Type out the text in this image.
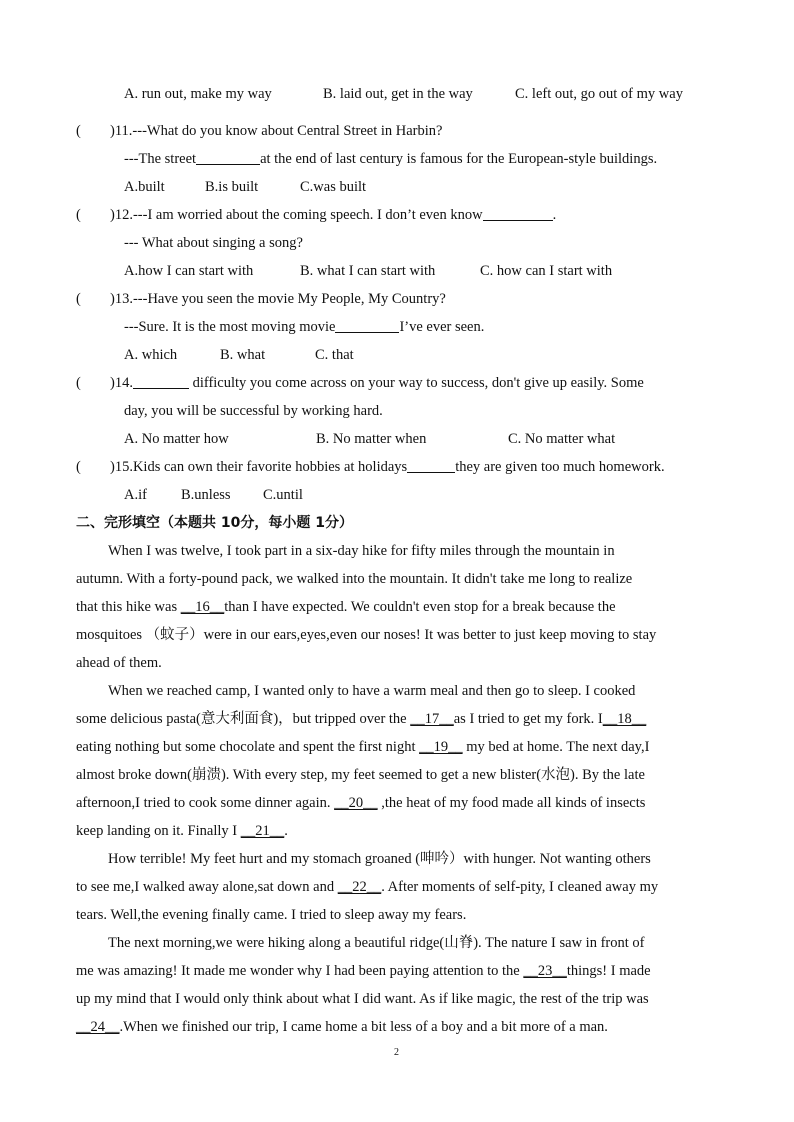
A. run out, make my way	B. laid out, get in the way	C. left out, go out of my way
( )11.---What do you know about Central Street in Harbin?
---The street	at the end of last century is famous for the European-style buildings.
A.built	B.is built	C.was built
( )12.---I am worried about the coming speech. I don’t even know	.
--- What about singing a song?
A.how I can start with	B. what I can start with	C. how can I start with
( )13.---Have you seen the movie My People, My Country?
---Sure. It is the most moving movie	I’ve ever seen.
A. which	B. what	C. that
( )14.	difficulty you come across on your way to success, don't give up easily. Some
day, you will be successful by working hard.
A. No matter how	B. No matter when	C. No matter what
( )15.Kids can own their favorite hobbies at holidays	they are given too much homework.
A.if B.unless C.until
二、完形填空（本题共 10分，每小题 1分）
When I was twelve, I took part in a six-day hike for fifty miles through the mountain in
autumn. With a forty-pound pack, we walked into the mountain. It didn't take me long to realize
that this hike was __16__than I have expected. We couldn't even stop for a break because the
mosquitoes （蚊子）were in our ears,eyes,even our noses! It was better to just keep moving to stay
ahead of them.
When we reached camp, I wanted only to have a warm meal and then go to sleep. I cooked
some delicious pasta(意大利面食)，but tripped over the __17__as I tried to get my fork. I__18__
eating nothing but some chocolate and spent the first night __19__ my bed at home. The next day,I
almost broke down(崩溃). With every step, my feet seemed to get a new blister(水泡). By the late
afternoon,I tried to cook some dinner again. __20__ ,the heat of my food made all kinds of insects
keep landing on it. Finally I __21__.
How terrible! My feet hurt and my stomach groaned (呻吟）with hunger. Not wanting others
to see me,I walked away alone,sat down and __22__. After moments of self-pity, I cleaned away my
tears. Well,the evening finally came. I tried to sleep away my fears.
The next morning,we were hiking along a beautiful ridge(山脊). The nature I saw in front of
me was amazing! It made me wonder why I had been paying attention to the __23__things! I made
up my mind that I would only think about what I did want. As if like magic, the rest of the trip was
__24__.When we finished our trip, I came home a bit less of a boy and a bit more of a man.
2
